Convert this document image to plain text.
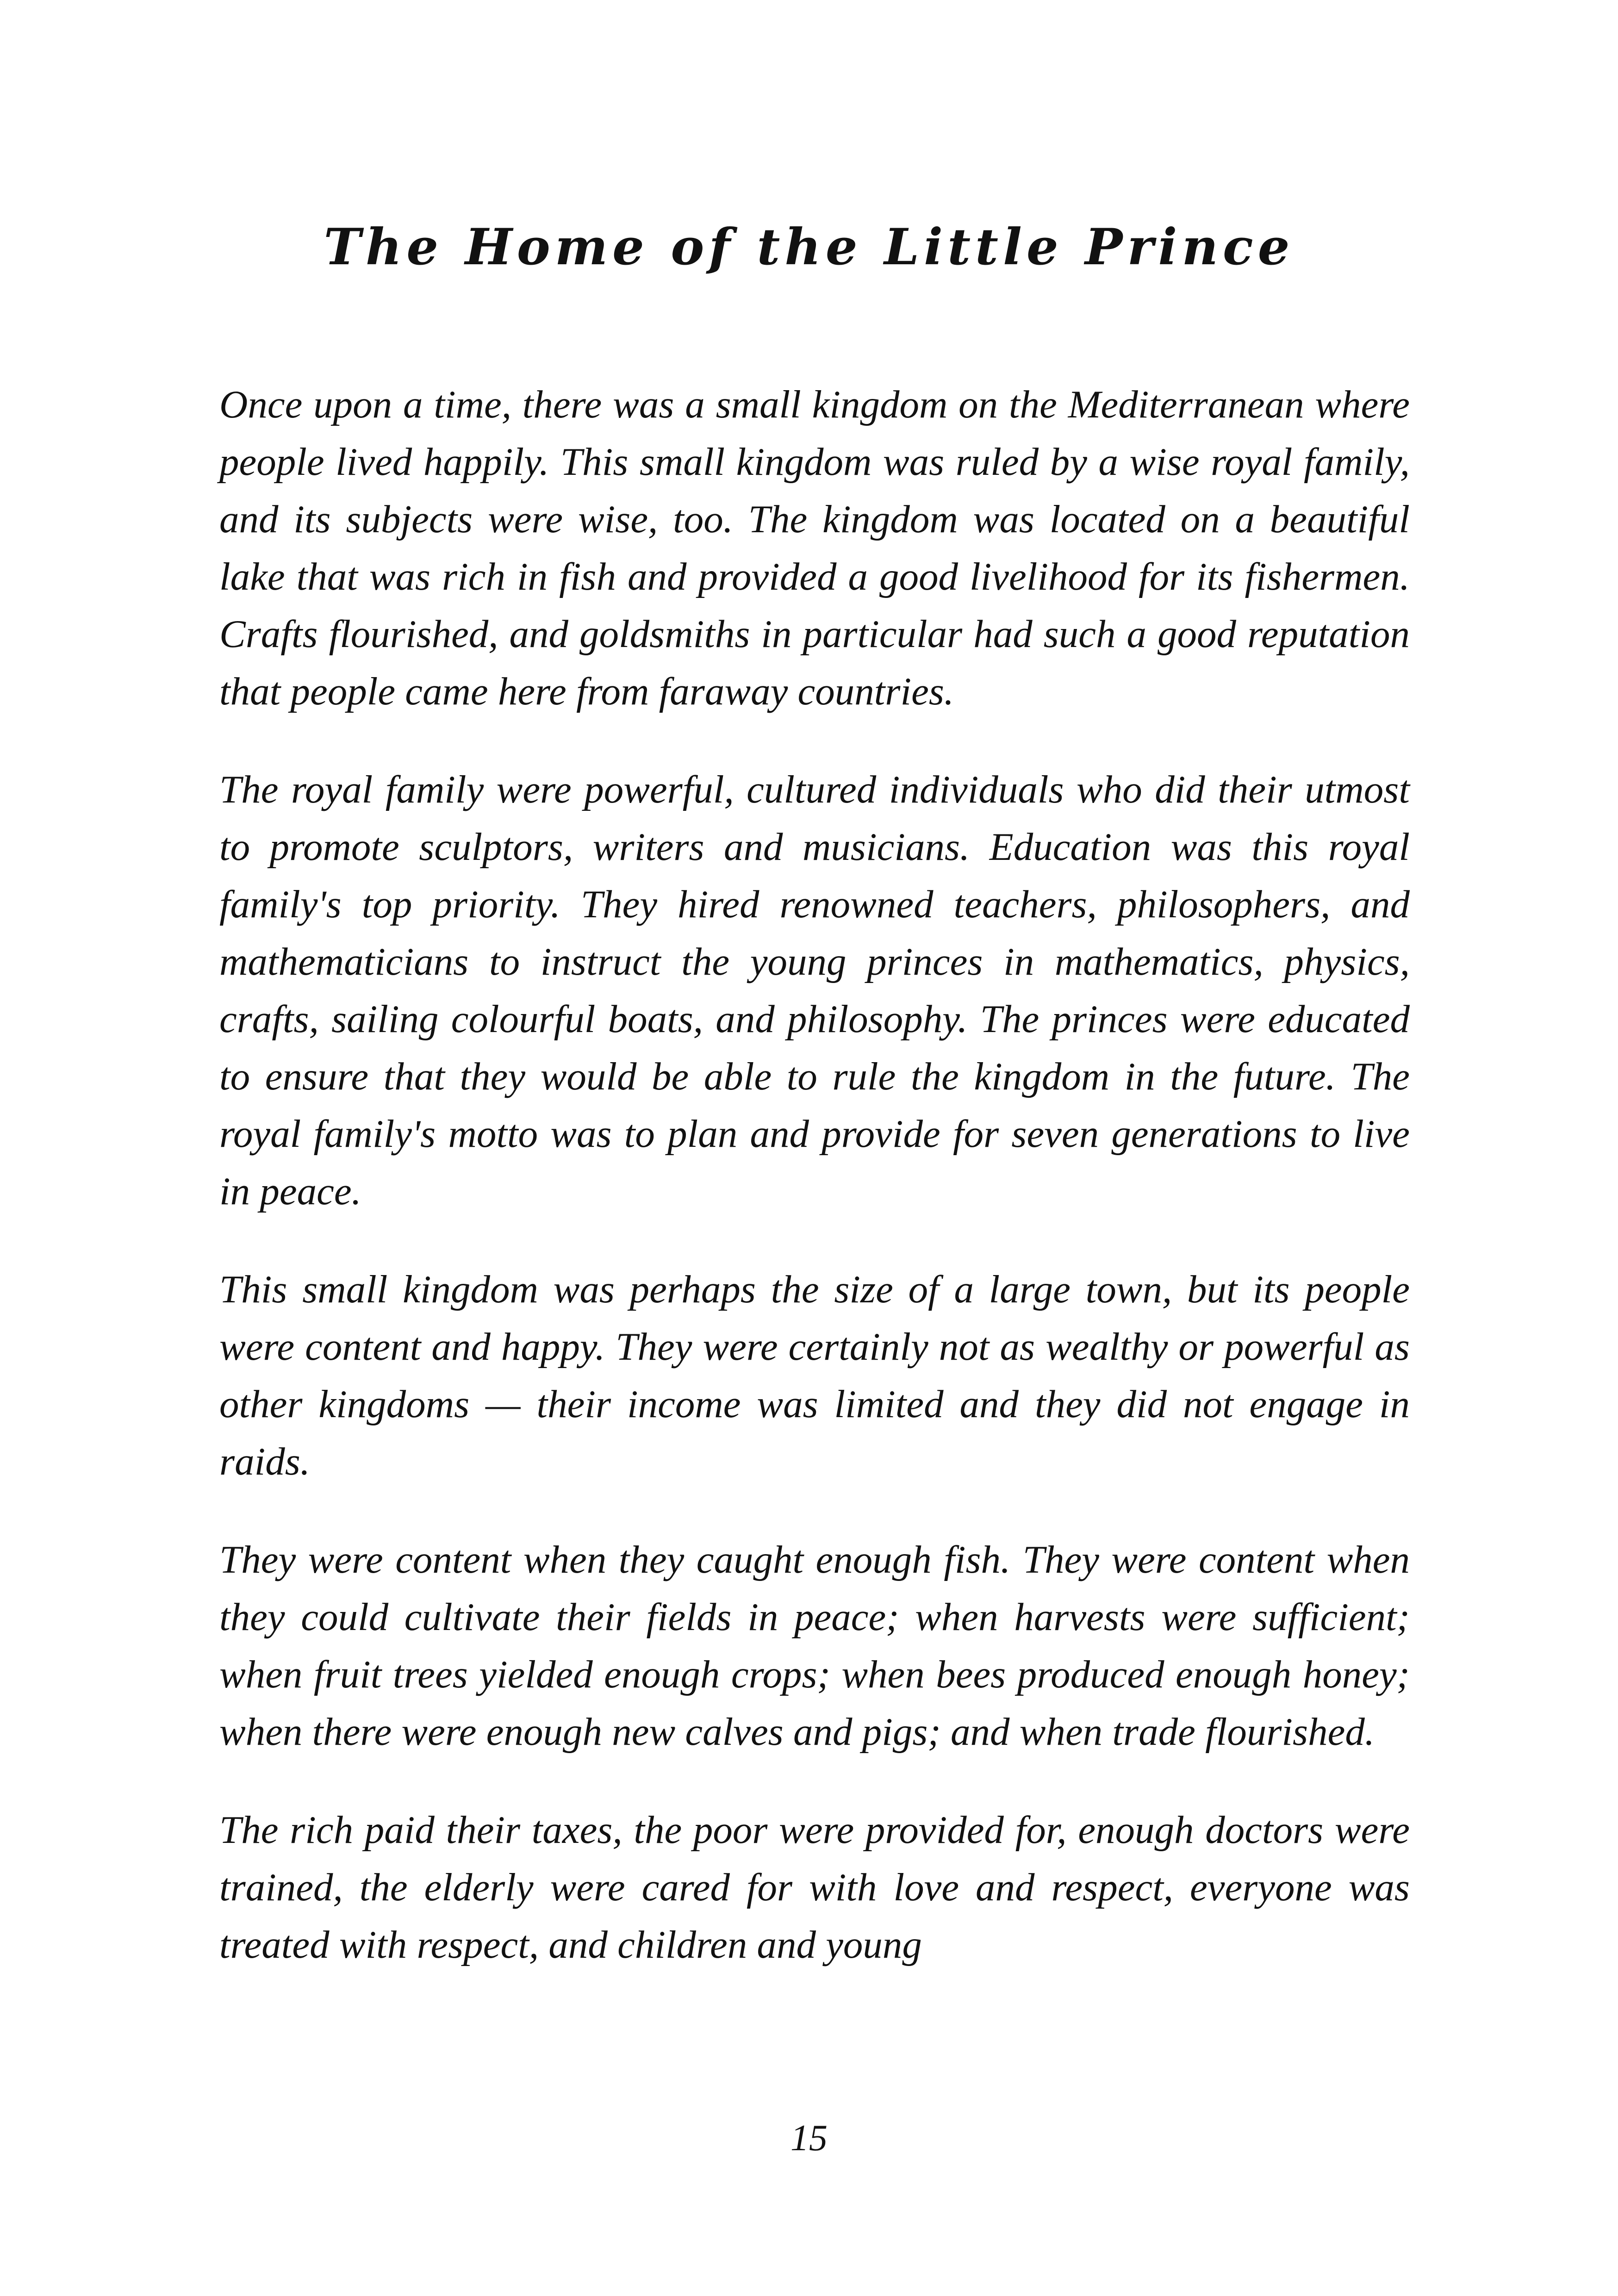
The Home of the Little Prince

Once upon a time, there was a small kingdom on the Mediterranean where people lived happily. This small kingdom was ruled by a wise royal family, and its subjects were wise, too. The kingdom was located on a beautiful lake that was rich in fish and provided a good livelihood for its fishermen. Crafts flourished, and goldsmiths in particular had such a good reputation that people came here from faraway countries.

The royal family were powerful, cultured individuals who did their utmost to promote sculptors, writers and musicians. Education was this royal family's top priority. They hired renowned teachers, philosophers, and mathematicians to instruct the young princes in mathematics, physics, crafts, sailing colourful boats, and philosophy. The princes were educated to ensure that they would be able to rule the kingdom in the future. The royal family's motto was to plan and provide for seven generations to live in peace.

This small kingdom was perhaps the size of a large town, but its people were content and happy. They were certainly not as wealthy or powerful as other kingdoms — their income was limited and they did not engage in raids.

They were content when they caught enough fish. They were content when they could cultivate their fields in peace; when harvests were sufficient; when fruit trees yielded enough crops; when bees produced enough honey; when there were enough new calves and pigs; and when trade flourished.

The rich paid their taxes, the poor were provided for, enough doctors were trained, the elderly were cared for with love and respect, everyone was treated with respect, and children and young

15
